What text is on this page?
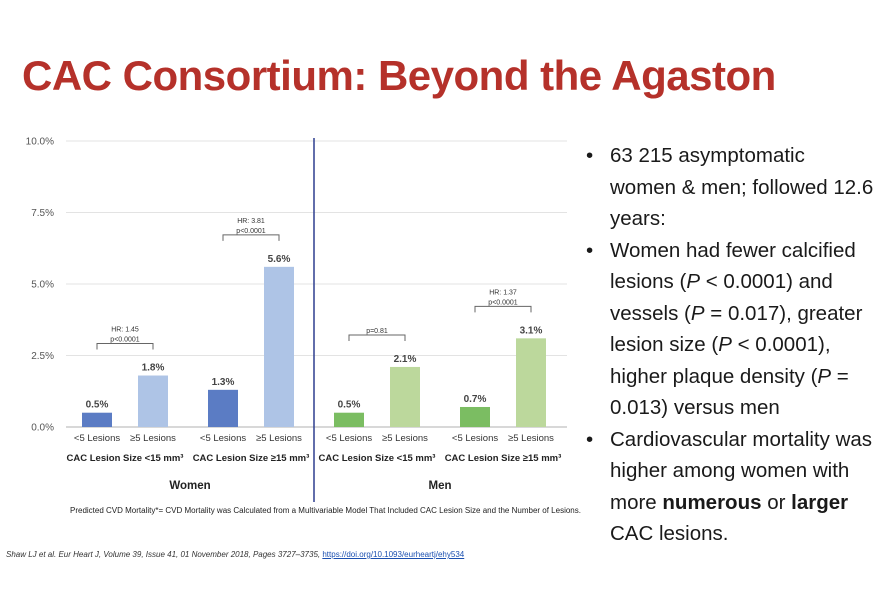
CAC Consortium: Beyond the Agaston
0.0%
2.5%
5.0%
7.5%
10.0%
0.5%
<5 Lesions
1.8%
≥5 Lesions
1.3%
<5 Lesions
5.6%
≥5 Lesions
0.5%
<5 Lesions
2.1%
≥5 Lesions
0.7%
<5 Lesions
3.1%
≥5 Lesions
CAC Lesion Size <15 mm³
HR: 1.45
p<0.0001
CAC Lesion Size ≥15 mm³
HR: 3.81
p<0.0001
CAC Lesion Size <15 mm³
p=0.81
CAC Lesion Size ≥15 mm³
HR: 1.37
p<0.0001
Women	Men
• 63 215 asymptomatic women & men; followed 12.6 years:
• Women had fewer calcified lesions (P < 0.0001) and vessels (P = 0.017), greater lesion size (P < 0.0001), higher plaque density (P = 0.013) versus men
• Cardiovascular mortality was higher among women with more numerous or larger CAC lesions.
Predicted CVD Mortality*= CVD Mortality was Calculated from a Multivariable Model That Included CAC Lesion Size and the Number of Lesions.
Shaw LJ et al. Eur Heart J, Volume 39, Issue 41, 01 November 2018, Pages 3727–3735, https://doi.org/10.1093/eurheartj/ehy534
